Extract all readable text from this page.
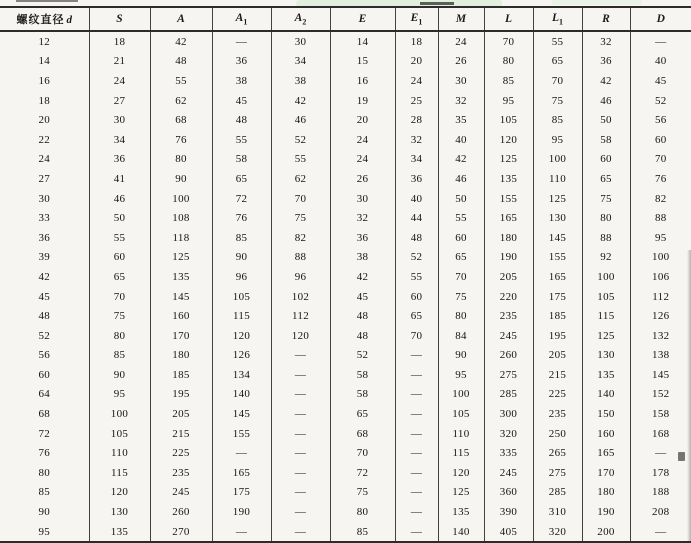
螺纹直径 d	S	A	$A_1$	$A_2$	E	$E_1$	M	L	$L_1$	R	D
12	18	42	—	30	14	18	24	70	55	32	—
14	21	48	36	34	15	20	26	80	65	36	40
16	24	55	38	38	16	24	30	85	70	42	45
18	27	62	45	42	19	25	32	95	75	46	52
20	30	68	48	46	20	28	35	105	85	50	56
22	34	76	55	52	24	32	40	120	95	58	60
24	36	80	58	55	24	34	42	125	100	60	70
27	41	90	65	62	26	36	46	135	110	65	76
30	46	100	72	70	30	40	50	155	125	75	82
33	50	108	76	75	32	44	55	165	130	80	88
36	55	118	85	82	36	48	60	180	145	88	95
39	60	125	90	88	38	52	65	190	155	92	100
42	65	135	96	96	42	55	70	205	165	100	106
45	70	145	105	102	45	60	75	220	175	105	112
48	75	160	115	112	48	65	80	235	185	115	126
52	80	170	120	120	48	70	84	245	195	125	132
56	85	180	126	—	52	—	90	260	205	130	138
60	90	185	134	—	58	—	95	275	215	135	145
64	95	195	140	—	58	—	100	285	225	140	152
68	100	205	145	—	65	—	105	300	235	150	158
72	105	215	155	—	68	—	110	320	250	160	168
76	110	225	—	—	70	—	115	335	265	165	—
80	115	235	165	—	72	—	120	245	275	170	178
85	120	245	175	—	75	—	125	360	285	180	188
90	130	260	190	—	80	—	135	390	310	190	208
95	135	270	—	—	85	—	140	405	320	200	—
